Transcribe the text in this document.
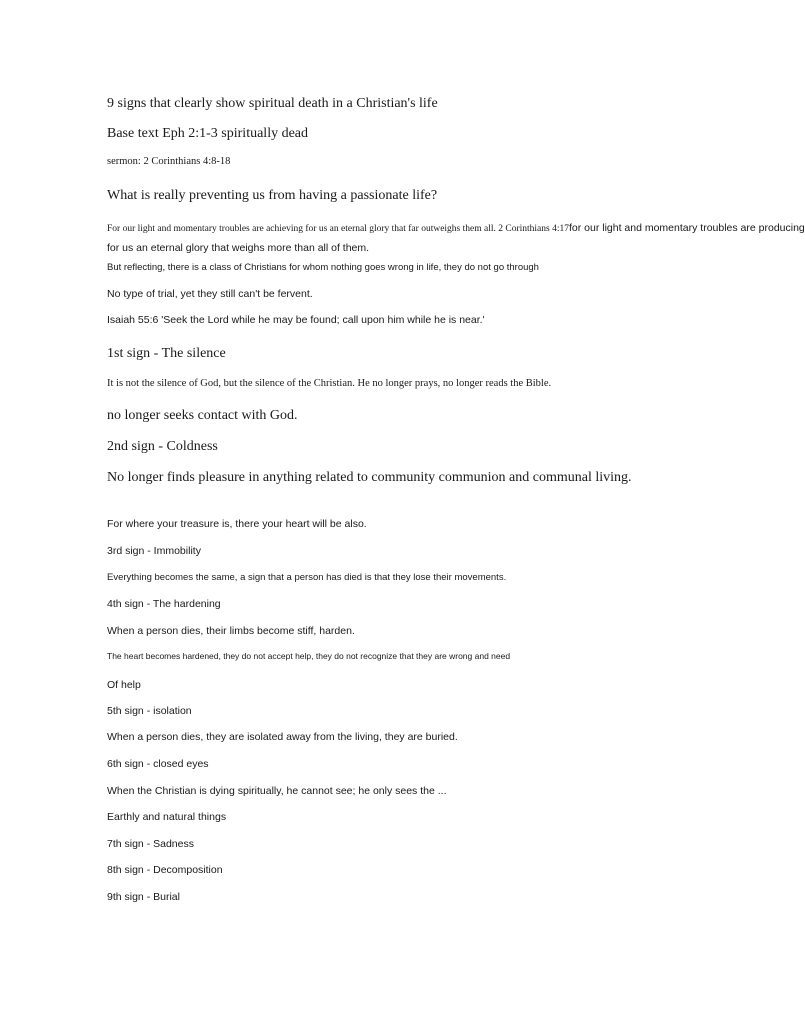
9 signs that clearly show spiritual death in a Christian's life

Base text Eph 2:1-3 spiritually dead

sermon: 2 Corinthians 4:8-18

What is really preventing us from having a passionate life?

For our light and momentary troubles are achieving for us an eternal glory that far outweighs them all. 2 Corinthians 4:17for our light and momentary troubles are producing
for us an eternal glory that weighs more than all of them.

But reflecting, there is a class of Christians for whom nothing goes wrong in life, they do not go through

No type of trial, yet they still can't be fervent.

Isaiah 55:6 'Seek the Lord while he may be found; call upon him while he is near.'

1st sign - The silence

It is not the silence of God, but the silence of the Christian. He no longer prays, no longer reads the Bible.

no longer seeks contact with God.

2nd sign - Coldness

No longer finds pleasure in anything related to community communion and communal living.

For where your treasure is, there your heart will be also.

3rd sign - Immobility

Everything becomes the same, a sign that a person has died is that they lose their movements.

4th sign - The hardening

When a person dies, their limbs become stiff, harden.

The heart becomes hardened, they do not accept help, they do not recognize that they are wrong and need

Of help

5th sign - isolation

When a person dies, they are isolated away from the living, they are buried.

6th sign - closed eyes

When the Christian is dying spiritually, he cannot see; he only sees the ...

Earthly and natural things

7th sign - Sadness

8th sign - Decomposition

9th sign - Burial
